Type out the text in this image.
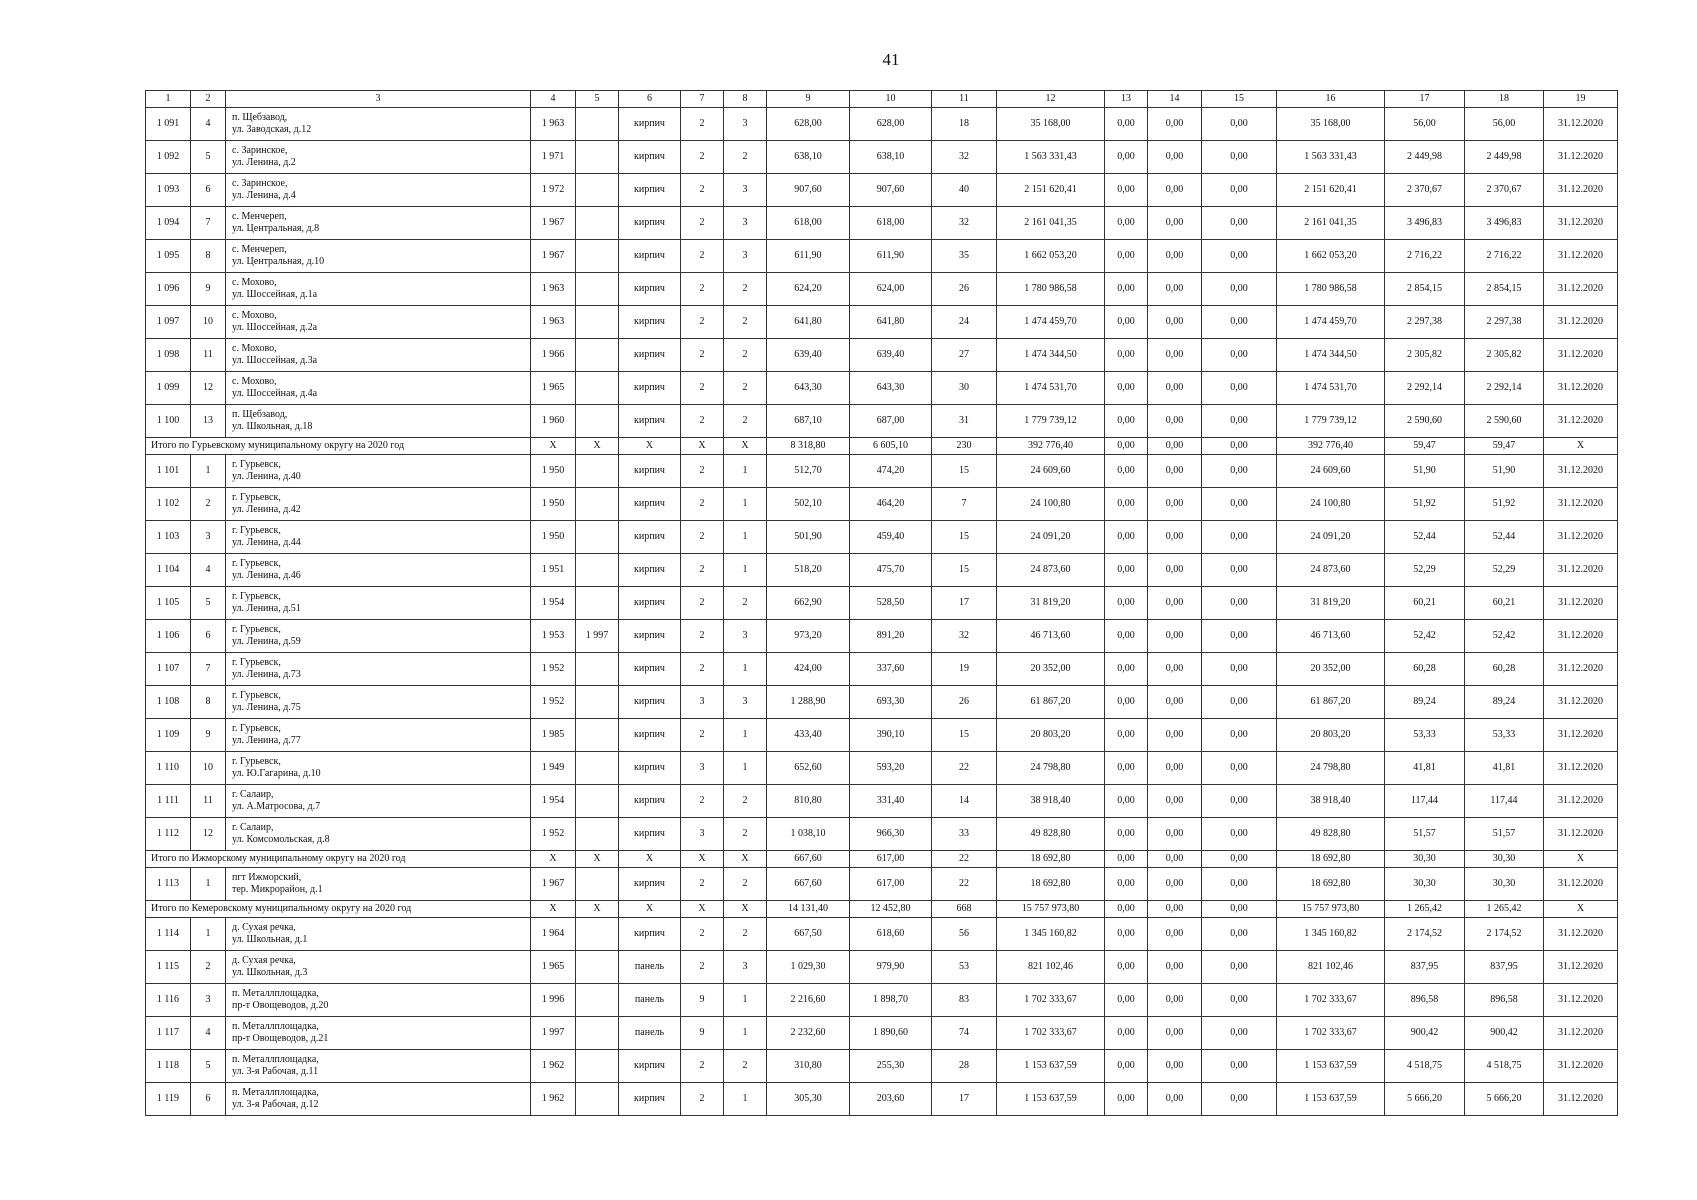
41
1	2	3	4	5	6	7	8	9	10	11	12	13	14	15	16	17	18	19
1 091	4	п. Щебзавод,
ул. Заводская, д.12	1 963		кирпич	2	3	628,00	628,00	18	35 168,00	0,00	0,00	0,00	35 168,00	56,00	56,00	31.12.2020
1 092	5	с. Заринское,
ул. Ленина, д.2	1 971		кирпич	2	2	638,10	638,10	32	1 563 331,43	0,00	0,00	0,00	1 563 331,43	2 449,98	2 449,98	31.12.2020
1 093	6	с. Заринское,
ул. Ленина, д.4	1 972		кирпич	2	3	907,60	907,60	40	2 151 620,41	0,00	0,00	0,00	2 151 620,41	2 370,67	2 370,67	31.12.2020
1 094	7	с. Менчереп,
ул. Центральная, д.8	1 967		кирпич	2	3	618,00	618,00	32	2 161 041,35	0,00	0,00	0,00	2 161 041,35	3 496,83	3 496,83	31.12.2020
1 095	8	с. Менчереп,
ул. Центральная, д.10	1 967		кирпич	2	3	611,90	611,90	35	1 662 053,20	0,00	0,00	0,00	1 662 053,20	2 716,22	2 716,22	31.12.2020
1 096	9	с. Мохово,
ул. Шоссейная, д.1а	1 963		кирпич	2	2	624,20	624,00	26	1 780 986,58	0,00	0,00	0,00	1 780 986,58	2 854,15	2 854,15	31.12.2020
1 097	10	с. Мохово,
ул. Шоссейная, д.2а	1 963		кирпич	2	2	641,80	641,80	24	1 474 459,70	0,00	0,00	0,00	1 474 459,70	2 297,38	2 297,38	31.12.2020
1 098	11	с. Мохово,
ул. Шоссейная, д.3а	1 966		кирпич	2	2	639,40	639,40	27	1 474 344,50	0,00	0,00	0,00	1 474 344,50	2 305,82	2 305,82	31.12.2020
1 099	12	с. Мохово,
ул. Шоссейная, д.4а	1 965		кирпич	2	2	643,30	643,30	30	1 474 531,70	0,00	0,00	0,00	1 474 531,70	2 292,14	2 292,14	31.12.2020
1 100	13	п. Щебзавод,
ул. Школьная, д.18	1 960		кирпич	2	2	687,10	687,00	31	1 779 739,12	0,00	0,00	0,00	1 779 739,12	2 590,60	2 590,60	31.12.2020
Итого по Гурьевскому муниципальному округу на 2020 год			X	X	X	X	X	8 318,80	6 605,10	230	392 776,40	0,00	0,00	0,00	392 776,40	59,47	59,47	X
1 101	1	г. Гурьевск,
ул. Ленина, д.40	1 950		кирпич	2	1	512,70	474,20	15	24 609,60	0,00	0,00	0,00	24 609,60	51,90	51,90	31.12.2020
1 102	2	г. Гурьевск,
ул. Ленина, д.42	1 950		кирпич	2	1	502,10	464,20	7	24 100,80	0,00	0,00	0,00	24 100,80	51,92	51,92	31.12.2020
1 103	3	г. Гурьевск,
ул. Ленина, д.44	1 950		кирпич	2	1	501,90	459,40	15	24 091,20	0,00	0,00	0,00	24 091,20	52,44	52,44	31.12.2020
1 104	4	г. Гурьевск,
ул. Ленина, д.46	1 951		кирпич	2	1	518,20	475,70	15	24 873,60	0,00	0,00	0,00	24 873,60	52,29	52,29	31.12.2020
1 105	5	г. Гурьевск,
ул. Ленина, д.51	1 954		кирпич	2	2	662,90	528,50	17	31 819,20	0,00	0,00	0,00	31 819,20	60,21	60,21	31.12.2020
1 106	6	г. Гурьевск,
ул. Ленина, д.59	1 953	1 997	кирпич	2	3	973,20	891,20	32	46 713,60	0,00	0,00	0,00	46 713,60	52,42	52,42	31.12.2020
1 107	7	г. Гурьевск,
ул. Ленина, д.73	1 952		кирпич	2	1	424,00	337,60	19	20 352,00	0,00	0,00	0,00	20 352,00	60,28	60,28	31.12.2020
1 108	8	г. Гурьевск,
ул. Ленина, д.75	1 952		кирпич	3	3	1 288,90	693,30	26	61 867,20	0,00	0,00	0,00	61 867,20	89,24	89,24	31.12.2020
1 109	9	г. Гурьевск,
ул. Ленина, д.77	1 985		кирпич	2	1	433,40	390,10	15	20 803,20	0,00	0,00	0,00	20 803,20	53,33	53,33	31.12.2020
1 110	10	г. Гурьевск,
ул. Ю.Гагарина, д.10	1 949		кирпич	3	1	652,60	593,20	22	24 798,80	0,00	0,00	0,00	24 798,80	41,81	41,81	31.12.2020
1 111	11	г. Салаир,
ул. А.Матросова, д.7	1 954		кирпич	2	2	810,80	331,40	14	38 918,40	0,00	0,00	0,00	38 918,40	117,44	117,44	31.12.2020
1 112	12	г. Салаир,
ул. Комсомольская, д.8	1 952		кирпич	3	2	1 038,10	966,30	33	49 828,80	0,00	0,00	0,00	49 828,80	51,57	51,57	31.12.2020
Итого по Ижморскому муниципальному округу на 2020 год			X	X	X	X	X	667,60	617,00	22	18 692,80	0,00	0,00	0,00	18 692,80	30,30	30,30	X
1 113	1	пгт Ижморский,
тер. Микрорайон, д.1	1 967		кирпич	2	2	667,60	617,00	22	18 692,80	0,00	0,00	0,00	18 692,80	30,30	30,30	31.12.2020
Итого по Кемеровскому муниципальному округу на 2020 год			X	X	X	X	X	14 131,40	12 452,80	668	15 757 973,80	0,00	0,00	0,00	15 757 973,80	1 265,42	1 265,42	X
1 114	1	д. Сухая речка,
ул. Школьная, д.1	1 964		кирпич	2	2	667,50	618,60	56	1 345 160,82	0,00	0,00	0,00	1 345 160,82	2 174,52	2 174,52	31.12.2020
1 115	2	д. Сухая речка,
ул. Школьная, д.3	1 965		панель	2	3	1 029,30	979,90	53	821 102,46	0,00	0,00	0,00	821 102,46	837,95	837,95	31.12.2020
1 116	3	п. Металлплощадка,
пр-т Овощеводов, д.20	1 996		панель	9	1	2 216,60	1 898,70	83	1 702 333,67	0,00	0,00	0,00	1 702 333,67	896,58	896,58	31.12.2020
1 117	4	п. Металлплощадка,
пр-т Овощеводов, д.21	1 997		панель	9	1	2 232,60	1 890,60	74	1 702 333,67	0,00	0,00	0,00	1 702 333,67	900,42	900,42	31.12.2020
1 118	5	п. Металлплощадка,
ул. 3-я Рабочая, д.11	1 962		кирпич	2	2	310,80	255,30	28	1 153 637,59	0,00	0,00	0,00	1 153 637,59	4 518,75	4 518,75	31.12.2020
1 119	6	п. Металлплощадка,
ул. 3-я Рабочая, д.12	1 962		кирпич	2	1	305,30	203,60	17	1 153 637,59	0,00	0,00	0,00	1 153 637,59	5 666,20	5 666,20	31.12.2020
